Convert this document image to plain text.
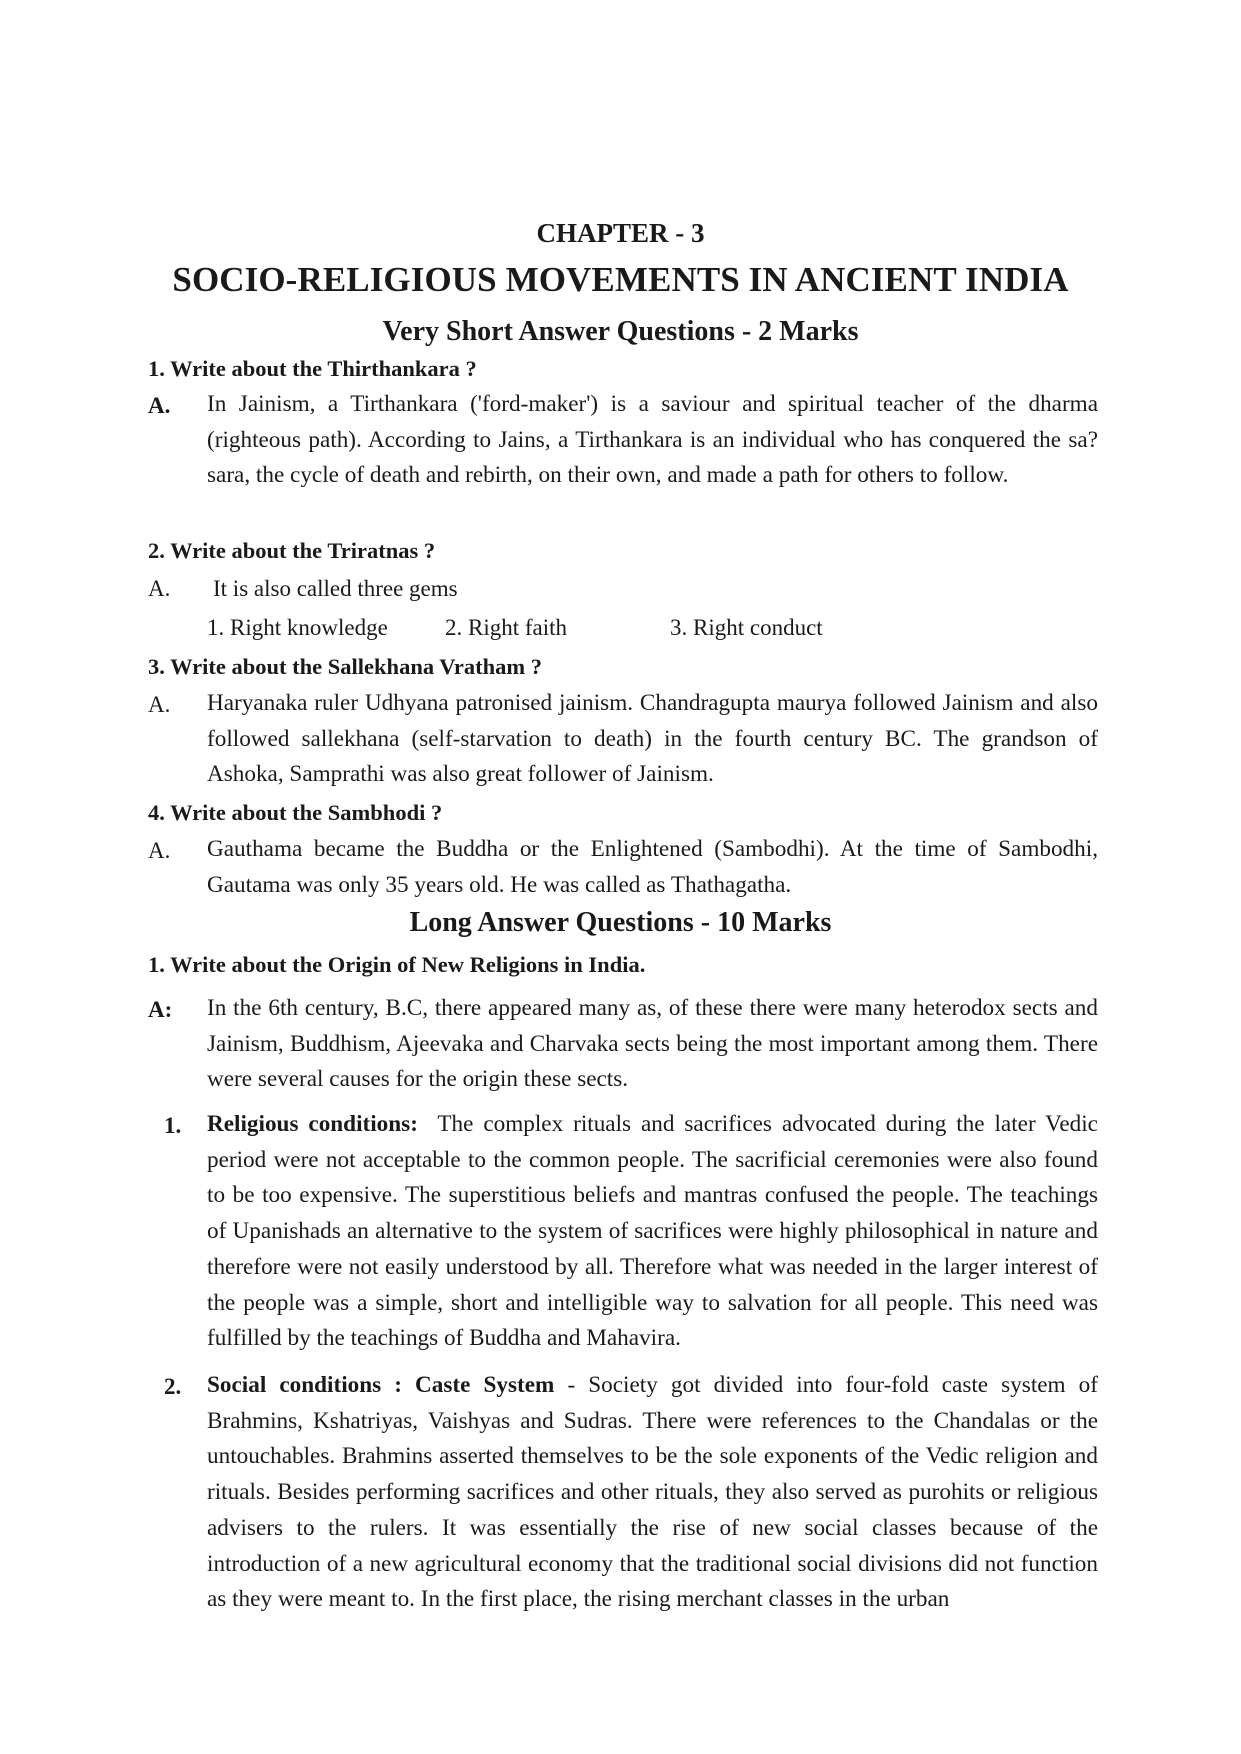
CHAPTER - 3
SOCIO-RELIGIOUS MOVEMENTS IN ANCIENT INDIA
Very Short Answer Questions - 2 Marks
1. Write about the Thirthankara ?
A. In Jainism, a Tirthankara ('ford-maker') is a saviour and spiritual teacher of the dharma (righteous path). According to Jains, a Tirthankara is an individual who has conquered the sa?sara, the cycle of death and rebirth, on their own, and made a path for others to follow.
2. Write about the Triratnas ?
A. It is also called three gems
1. Right knowledge 2. Right faith	3. Right conduct
3. Write about the Sallekhana Vratham ?
A. Haryanaka ruler Udhyana patronised jainism. Chandragupta maurya followed Jainism and also followed sallekhana (self-starvation to death) in the fourth century BC. The grandson of Ashoka, Samprathi was also great follower of Jainism.
4. Write about the Sambhodi ?
A. Gauthama became the Buddha or the Enlightened (Sambodhi). At the time of Sambodhi, Gautama was only 35 years old. He was called as Thathagatha.
Long Answer Questions - 10 Marks
1. Write about the Origin of New Religions in India.
A: In the 6th century, B.C, there appeared many as, of these there were many heterodox sects and Jainism, Buddhism, Ajeevaka and Charvaka sects being the most important among them. There were several causes for the origin these sects.
1. Religious conditions: The complex rituals and sacrifices advocated during the later Vedic period were not acceptable to the common people. The sacrificial ceremonies were also found to be too expensive. The superstitious beliefs and mantras confused the people. The teachings of Upanishads an alternative to the system of sacrifices were highly philosophical in nature and therefore were not easily understood by all. Therefore what was needed in the larger interest of the people was a simple, short and intelligible way to salvation for all people. This need was fulfilled by the teachings of Buddha and Mahavira.
2. Social conditions : Caste System - Society got divided into four-fold caste system of Brahmins, Kshatriyas, Vaishyas and Sudras. There were references to the Chandalas or the untouchables. Brahmins asserted themselves to be the sole exponents of the Vedic religion and rituals. Besides performing sacrifices and other rituals, they also served as purohits or religious advisers to the rulers. It was essentially the rise of new social classes because of the introduction of a new agricultural economy that the traditional social divisions did not function as they were meant to. In the first place, the rising merchant classes in the urban
